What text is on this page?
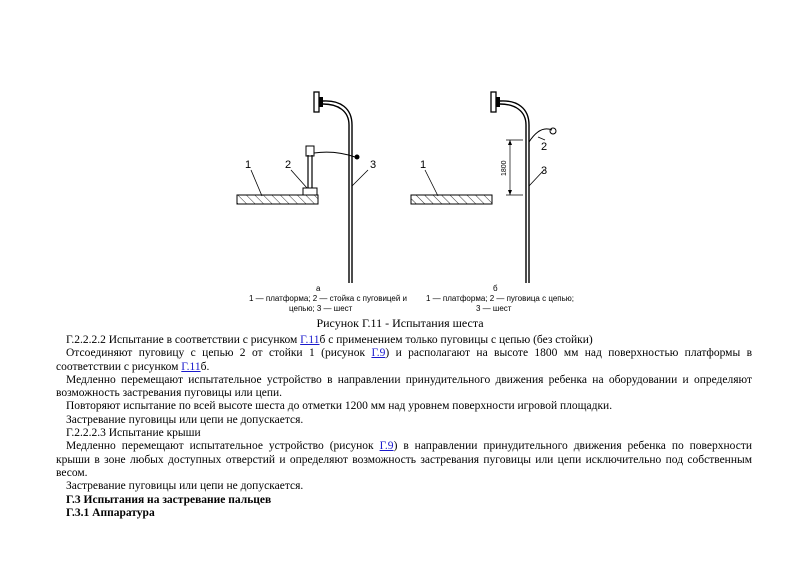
1	2	3
а
1 — платформа; 2 — стойка с пуговицей и
цепью; 3 — шест
1800
1
2
3
б
1 — платформа; 2 — пуговица с цепью;
3 — шест
Рисунок Г.11 - Испытания шеста

Г.2.2.2.2 Испытание в соответствии с рисунком Г.11б с применением только пуговицы с цепью (без стойки)

Отсоединяют пуговицу с цепью 2 от стойки 1 (рисунок Г.9) и располагают на высоте 1800 мм над поверхностью платформы в

соответствии с рисунком Г.11б.

Медленно перемещают испытательное устройство в направлении принудительного движения ребенка на оборудовании и определяют

возможность застревания пуговицы или цепи.

Повторяют испытание по всей высоте шеста до отметки 1200 мм над уровнем поверхности игровой площадки.

Застревание пуговицы или цепи не допускается.

Г.2.2.2.3 Испытание крыши

Медленно перемещают испытательное устройство (рисунок Г.9) в направлении принудительного движения ребенка по поверхности

крыши в зоне любых доступных отверстий и определяют возможность застревания пуговицы или цепи исключительно под собственным

весом.

Застревание пуговицы или цепи не допускается.

Г.3 Испытания на застревание пальцев

Г.3.1 Аппаратура
